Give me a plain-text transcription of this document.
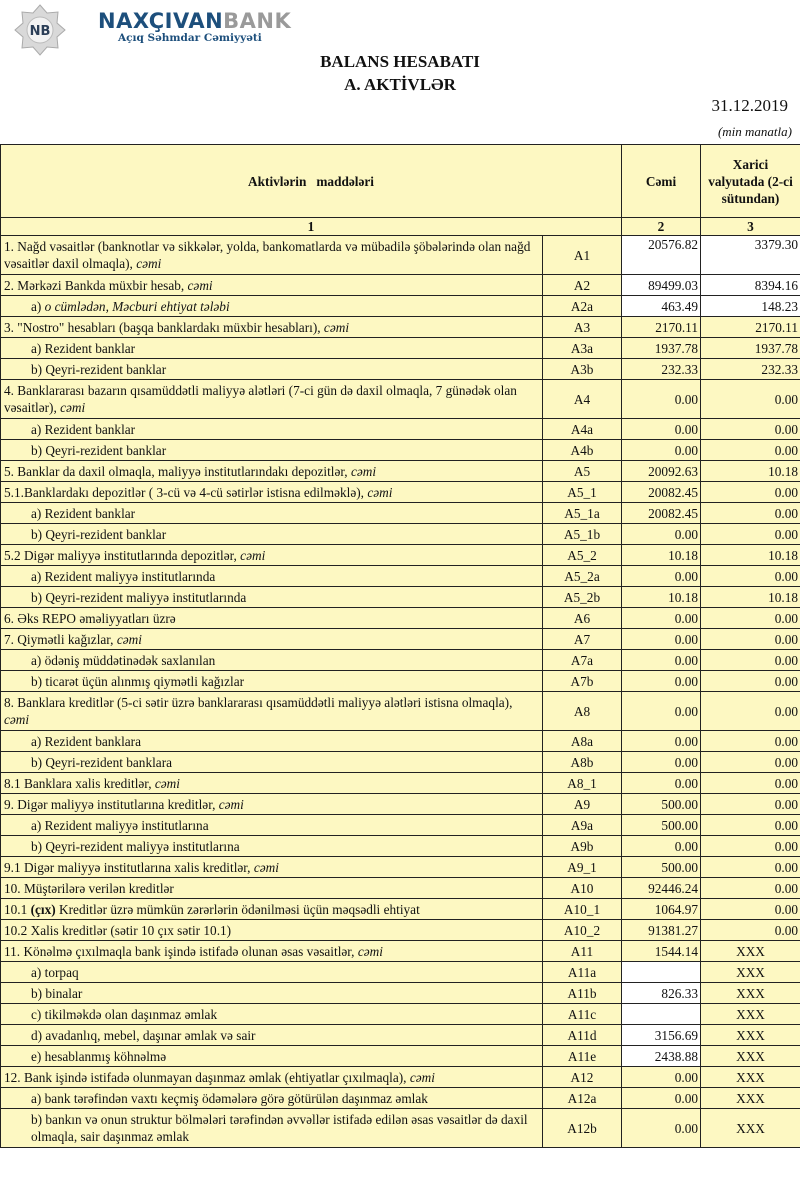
NB NAXÇIVANBANK
Açıq Səhmdar Cəmiyyəti
BALANS HESABATI
A. AKTİVLƏR
31.12.2019
(min manatla)
Aktivlərin   maddələri		Cəmi	Xarici valyutada (2-ci sütundan)
1		2	3
1. Nağd vəsaitlər (banknotlar və sikkələr, yolda, bankomatlarda və mübadilə şöbələrində olan nağd vəsaitlər daxil olmaqla), cəmi	A1	20576.82	3379.30
2. Mərkəzi Bankda müxbir hesab, cəmi	A2	89499.03	8394.16
a) o cümlədən, Məcburi ehtiyat tələbi	A2a	463.49	148.23
3. "Nostro" hesabları (başqa banklardakı müxbir hesabları), cəmi	A3	2170.11	2170.11
a) Rezident banklar	A3a	1937.78	1937.78
b) Qeyri-rezident banklar	A3b	232.33	232.33
4. Banklararası bazarın qısamüddətli maliyyə alətləri (7-ci gün də daxil olmaqla, 7 günədək olan vəsaitlər), cəmi	A4	0.00	0.00
a) Rezident banklar	A4a	0.00	0.00
b) Qeyri-rezident banklar	A4b	0.00	0.00
5. Banklar da daxil olmaqla, maliyyə institutlarındakı depozitlər, cəmi	A5	20092.63	10.18
5.1.Banklardakı depozitlər ( 3-cü və 4-cü sətirlər istisna edilməklə), cəmi	A5_1	20082.45	0.00
a) Rezident banklar	A5_1a	20082.45	0.00
b) Qeyri-rezident banklar	A5_1b	0.00	0.00
5.2 Digər maliyyə institutlarında depozitlər, cəmi	A5_2	10.18	10.18
a) Rezident maliyyə institutlarında	A5_2a	0.00	0.00
b) Qeyri-rezident maliyyə institutlarında	A5_2b	10.18	10.18
6. Əks REPO əməliyyatları üzrə	A6	0.00	0.00
7. Qiymətli kağızlar, cəmi	A7	0.00	0.00
a) ödəniş müddətinədək saxlanılan	A7a	0.00	0.00
b) ticarət üçün alınmış qiymətli kağızlar	A7b	0.00	0.00
8. Banklara kreditlər (5-ci sətir üzrə banklararası qısamüddətli maliyyə alətləri istisna olmaqla), cəmi	A8	0.00	0.00
a) Rezident banklara	A8a	0.00	0.00
b) Qeyri-rezident banklara	A8b	0.00	0.00
8.1 Banklara xalis kreditlər, cəmi	A8_1	0.00	0.00
9. Digər maliyyə institutlarına kreditlər, cəmi	A9	500.00	0.00
a) Rezident maliyyə institutlarına	A9a	500.00	0.00
b) Qeyri-rezident maliyyə institutlarına	A9b	0.00	0.00
9.1 Digər maliyyə institutlarına xalis kreditlər, cəmi	A9_1	500.00	0.00
10. Müştərilərə verilən kreditlər	A10	92446.24	0.00
10.1 (çıx) Kreditlər üzrə mümkün zərərlərin ödənilməsi üçün məqsədli ehtiyat	A10_1	1064.97	0.00
10.2 Xalis kreditlər (sətir 10 çıx sətir 10.1)	A10_2	91381.27	0.00
11. Könəlmə çıxılmaqla bank işində istifadə olunan əsas vəsaitlər, cəmi	A11	1544.14	XXX
a) torpaq	A11a		XXX
b) binalar	A11b	826.33	XXX
c) tikilməkdə olan daşınmaz əmlak	A11c		XXX
d) avadanlıq, mebel, daşınar əmlak və sair	A11d	3156.69	XXX
e) hesablanmış köhnəlmə	A11e	2438.88	XXX
12. Bank işində istifadə olunmayan daşınmaz əmlak (ehtiyatlar çıxılmaqla), cəmi	A12	0.00	XXX
a) bank tərəfindən vaxtı keçmiş ödəmələrə görə götürülən daşınmaz əmlak	A12a	0.00	XXX
b) bankın və onun struktur bölmələri tərəfindən əvvəllər istifadə edilən əsas vəsaitlər də daxil olmaqla, sair daşınmaz əmlak	A12b	0.00	XXX
